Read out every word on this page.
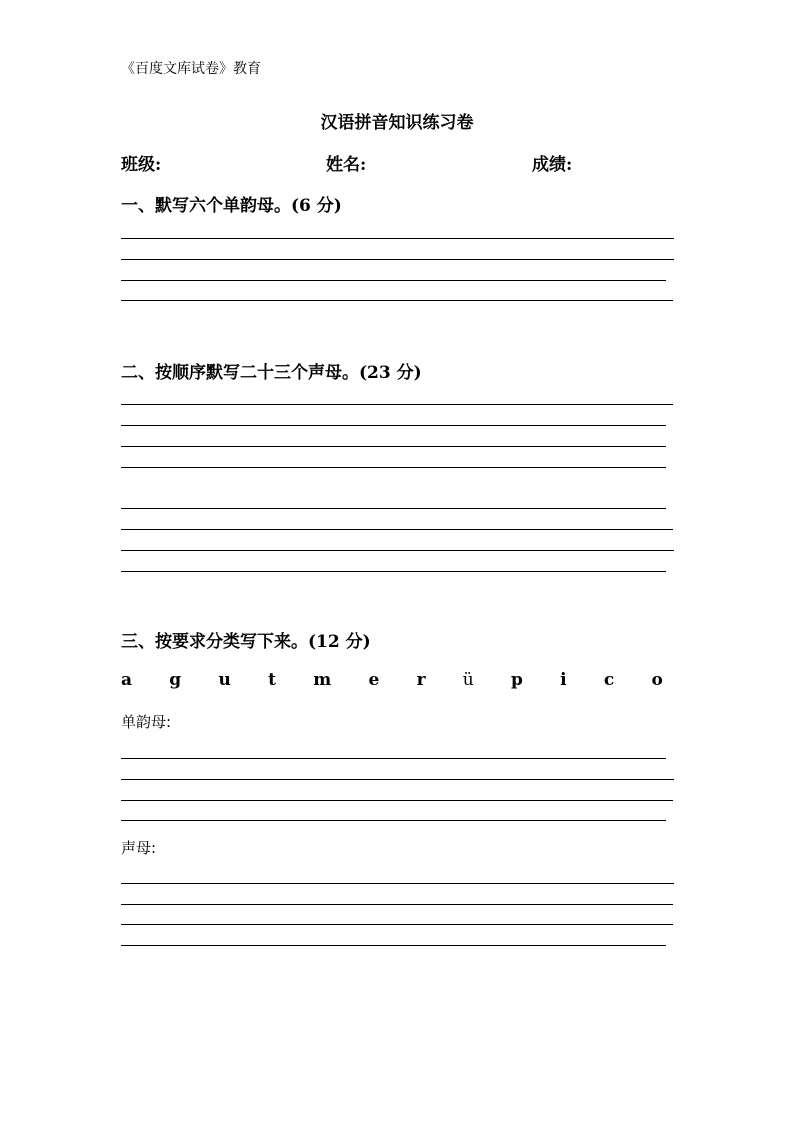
《百度文库试卷》教育
汉语拼音知识练习卷
班级:	姓名:	成绩:
一、默写六个单韵母。(6 分)
二、按顺序默写二十三个声母。(23 分)
三、按要求分类写下来。(12 分)
a g u t m e r ü p i c o
单韵母:
声母:
